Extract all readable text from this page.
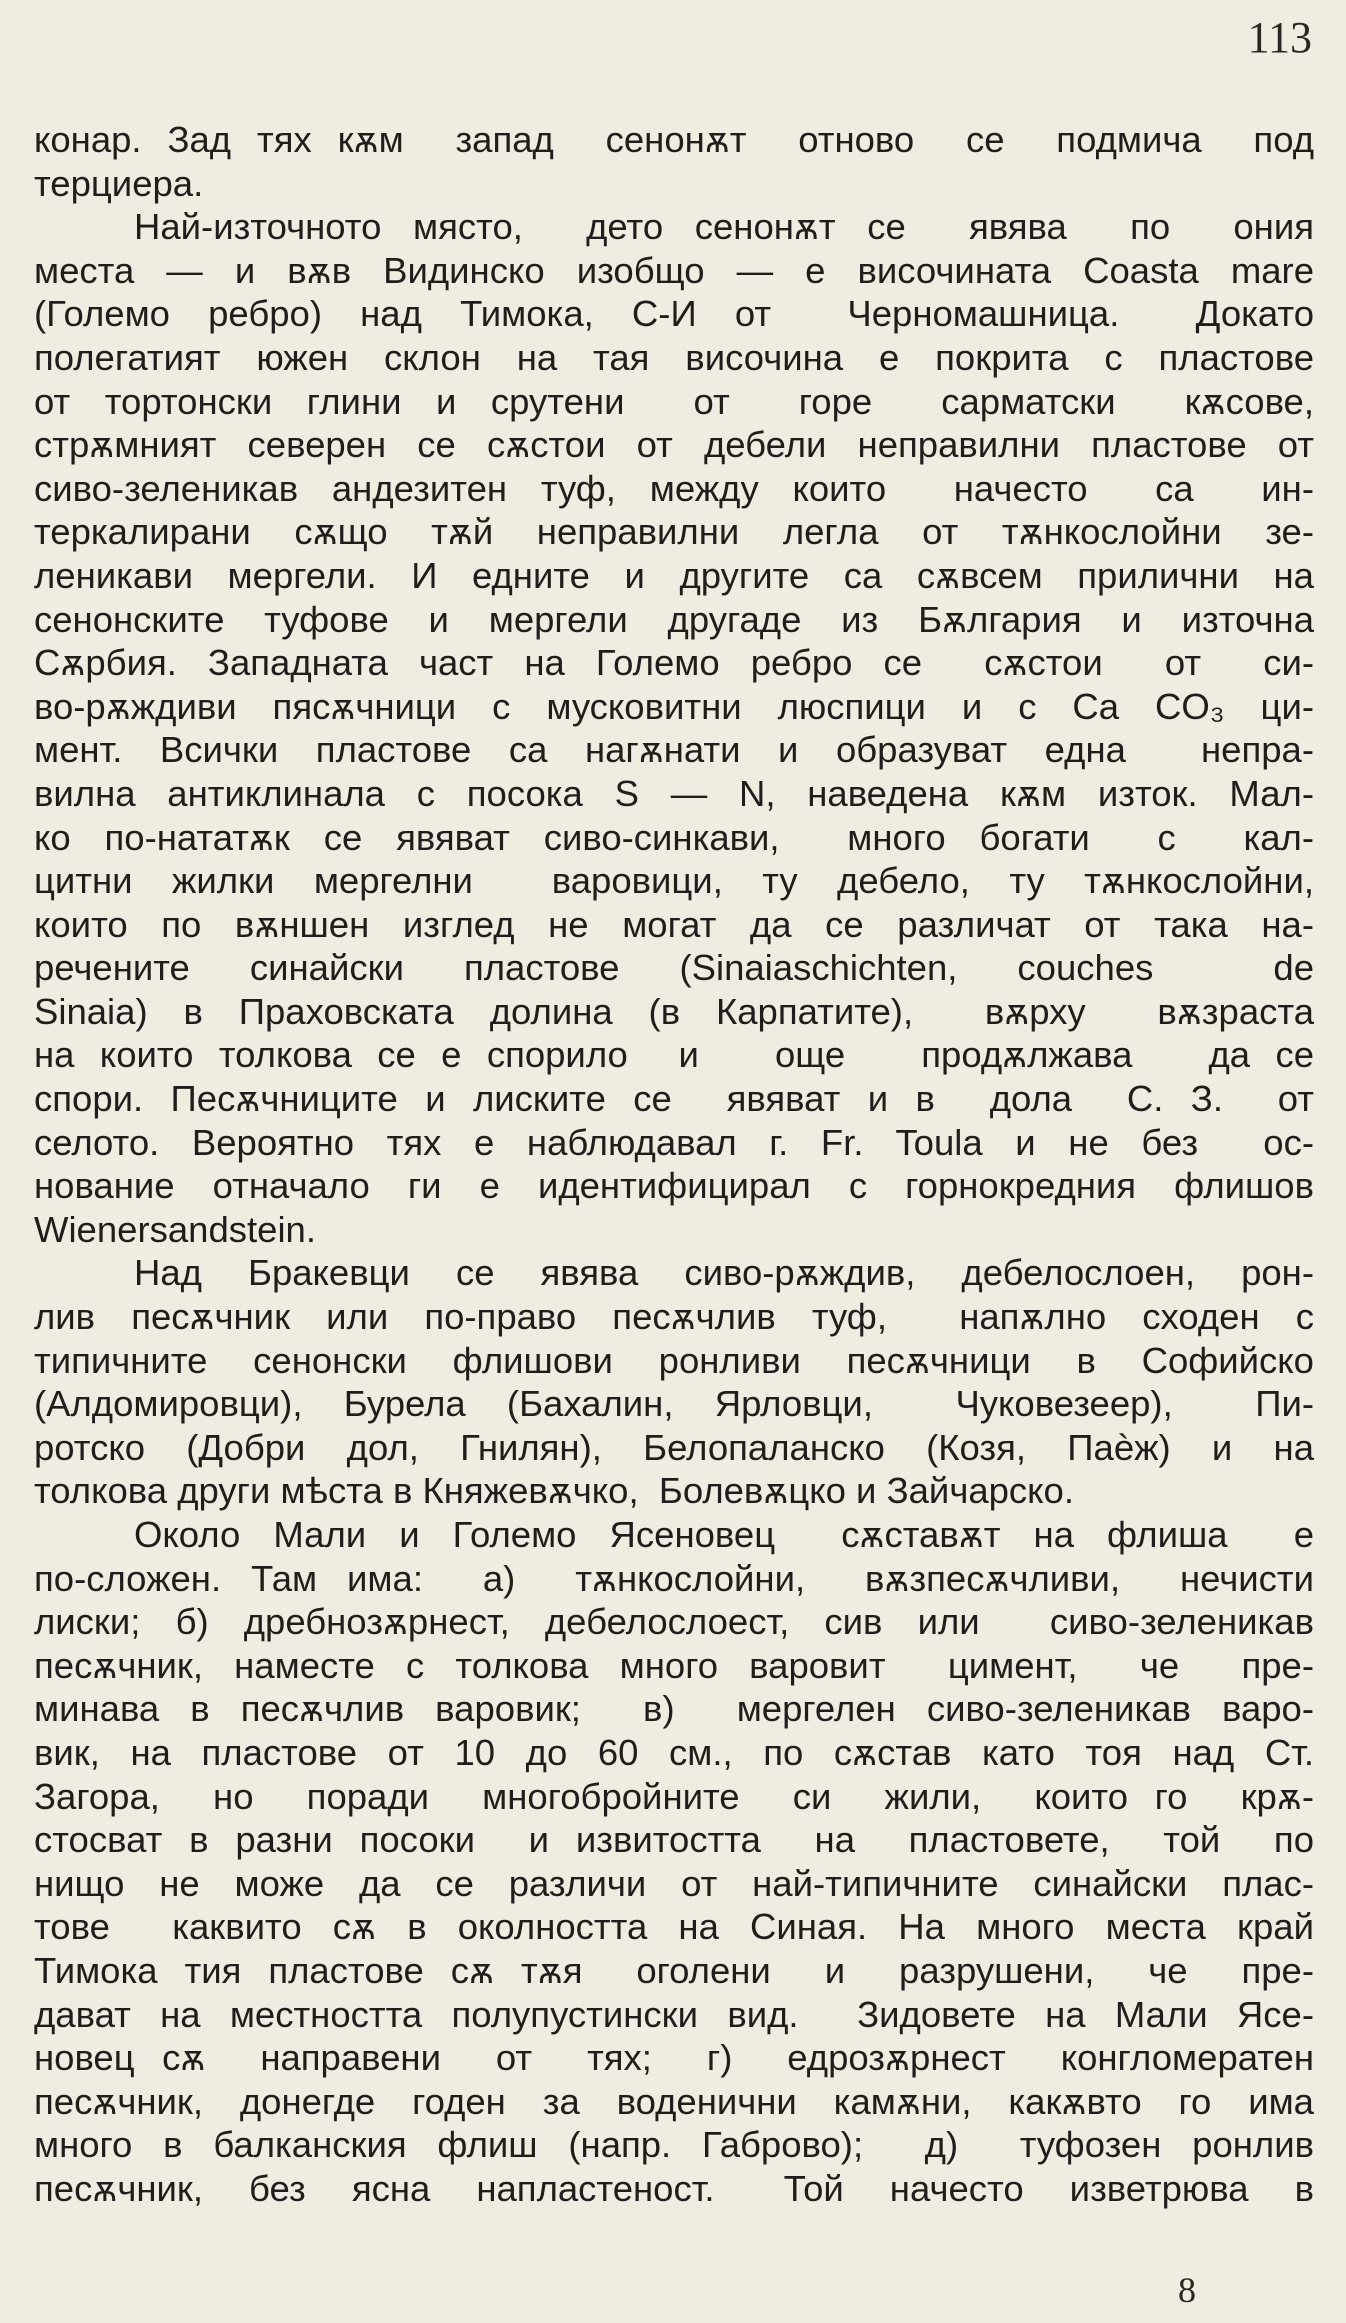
113
конар. Зад тях кѫм  запад  сенонѫт  отново  се  подмича  под
терциера.
Най-източното място,  дето сенонѫт се  явява  по  ония
места — и вѫв Видинско изобщо — е височината Coasta mare
(Големо ребро) над Тимока, С-И от  Черномашница.  Докато
полегатият южен склон на тая височина е покрита с пластове
от тортонски глини и срутени  от  горе  сарматски  кѫсове,
стрѫмният северен се сѫстои от дебели неправилни пластове от
сиво-зеленикав андезитен туф, между които  начесто  са  ин-
теркалирани сѫщо тѫй неправилни легла от тѫнкослойни зе-
леникави мергели. И едните и другите са сѫвсем прилични на
сенонските туфове и мергели другаде из Бѫлгария и източна
Сѫрбия. Западната част на Големо ребро се  сѫстои  от  си-
во-рѫждиви пясѫчници с мусковитни люспици и с Ca CO₃ ци-
мент. Всички пластове са нагѫнати и образуват една  непра-
вилна антиклинала с посока S — N, наведена кѫм изток. Мал-
ко по-нататѫк се явяват сиво-синкави,  много богати  с  кал-
цитни жилки мергелни  варовици, ту дебело, ту тѫнкослойни,
които по вѫншен изглед не могат да се различат от така на-
речените синайски пластове (Sinaiaschichten, couches  de
Sinaia) в Праховската долина (в Карпатите),  вѫрху  вѫзраста
на които толкова се е спорило  и   още   продѫлжава   да се
спори. Песѫчниците и лиските се  явяват и в  дола  С. З.  от
селото. Вероятно тях е наблюдавал г. Fr. Toula и не без  ос-
нование отначало ги е идентифицирал с горнокредния флишов
Wienersandstein.
Над Бракевци се явява сиво-рѫждив, дебелослоен, рон-
лив песѫчник или по-право песѫчлив туф,  напѫлно сходен с
типичните сенонски флишови ронливи песѫчници в Софийско
(Алдомировци), Бурела (Бахалин, Ярловци,  Чуковезеер),  Пи-
ротско (Добри дол, Гнилян), Белопаланско (Козя, Паѐж) и на
толкова други мѣста в Княжевѫчко,  Болевѫцко и Зайчарско.
Около Мали и Големо Ясеновец  сѫставѫт на флиша  е
по-сложен. Там има:  а)  тѫнкослойни,  вѫзпесѫчливи,  нечисти
лиски; б) дребнозѫрнест, дебелослоест, сив или  сиво-зеленикав
песѫчник, наместе с толкова много варовит  цимент,  че  пре-
минава в песѫчлив варовик;  в)  мергелен сиво-зеленикав варо-
вик, на пластове от 10 до 60 см., по сѫстав като тоя над Ст.
Загора,  но  поради  многобройните  си  жили,  които го  крѫ-
стосват в разни посоки  и извитостта  на  пластовете,  той  по
нищо не може да се различи от най-типичните синайски плас-
тове  каквито сѫ в околността на Синая. На много места край
Тимока тия пластове сѫ тѫя  оголени  и  разрушени,  че  пре-
дават на местността полупустински вид.  Зидовете на Мали Ясе-
новец сѫ  направени  от  тях;  г)  едрозѫрнест  конгломератен
песѫчник, донегде годен за воденични камѫни, какѫвто го има
много в балканския флиш (напр. Габрово);  д)  туфозен ронлив
песѫчник,  без  ясна  напластеност.   Той  начесто  изветрюва  в
8
